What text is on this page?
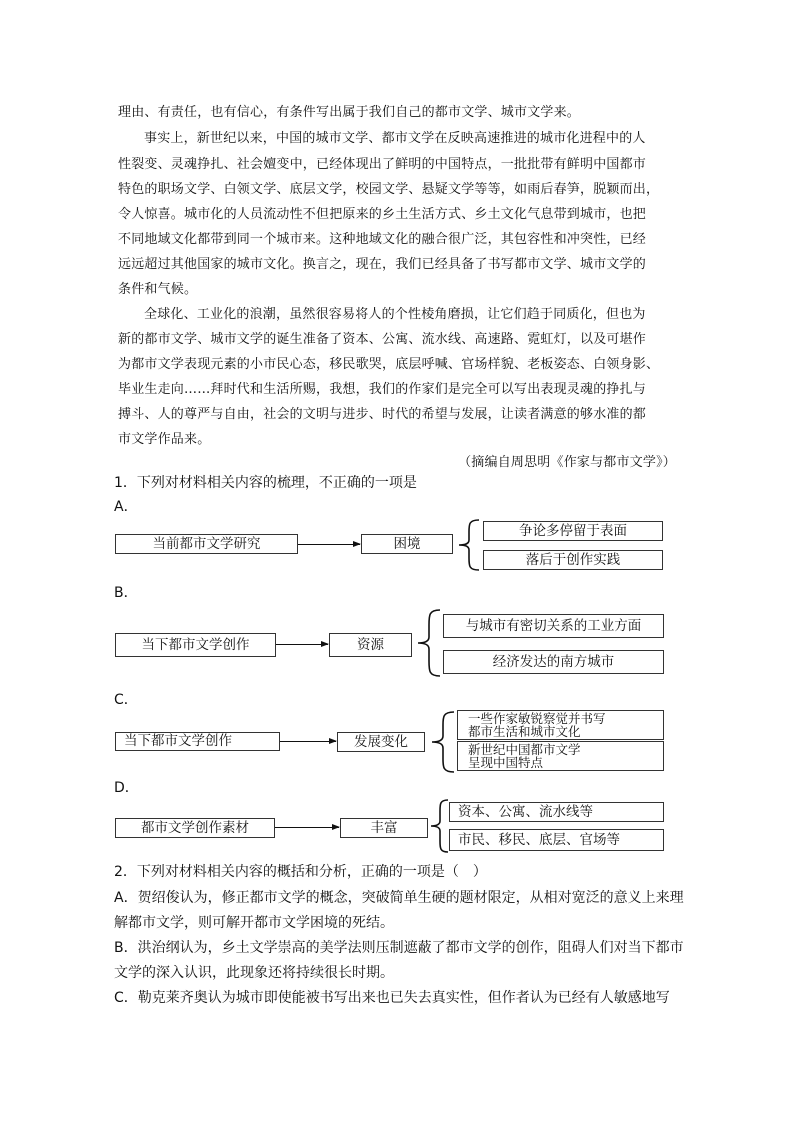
理由、有责任，也有信心，有条件写出属于我们自己的都市文学、城市文学来。
事实上，新世纪以来，中国的城市文学、都市文学在反映高速推进的城市化进程中的人
性裂变、灵魂挣扎、社会嬗变中，已经体现出了鲜明的中国特点，一批批带有鲜明中国都市
特色的职场文学、白领文学、底层文学，校园文学、悬疑文学等等，如雨后春笋，脱颖而出，
令人惊喜。城市化的人员流动性不但把原来的乡土生活方式、乡土文化气息带到城市，也把
不同地域文化都带到同一个城市来。这种地域文化的融合很广泛，其包容性和冲突性，已经
远远超过其他国家的城市文化。换言之，现在，我们已经具备了书写都市文学、城市文学的
条件和气候。
全球化、工业化的浪潮，虽然很容易将人的个性棱角磨损，让它们趋于同质化，但也为
新的都市文学、城市文学的诞生准备了资本、公寓、流水线、高速路、霓虹灯，以及可堪作
为都市文学表现元素的小市民心态，移民歌哭，底层呼喊、官场样貌、老板姿态、白领身影、
毕业生走向……拜时代和生活所赐，我想，我们的作家们是完全可以写出表现灵魂的挣扎与
搏斗、人的尊严与自由，社会的文明与进步、时代的希望与发展，让读者满意的够水准的都
市文学作品来。
（摘编自周思明《作家与都市文学》）
1．下列对材料相关内容的梳理，不正确的一项是
A．
当前都市文学研究	困境
争论多停留于表面
落后于创作实践
B．
当下都市文学创作	资源
与城市有密切关系的工业方面
经济发达的南方城市
C．
当下都市文学创作	发展变化
一些作家敏锐察觉并书写
都市生活和城市文化
新世纪中国都市文学
呈现中国特点
D．
都市文学创作素材	丰富
资本、公寓、流水线等
市民、移民、底层、官场等
2．下列对材料相关内容的概括和分析，正确的一项是（　）
A．贺绍俊认为，修正都市文学的概念，突破简单生硬的题材限定，从相对宽泛的意义上来理
解都市文学，则可解开都市文学困境的死结。
B．洪治纲认为，乡土文学崇高的美学法则压制遮蔽了都市文学的创作，阻碍人们对当下都市
文学的深入认识，此现象还将持续很长时期。
C．勒克莱齐奥认为城市即使能被书写出来也已失去真实性，但作者认为已经有人敏感地写
